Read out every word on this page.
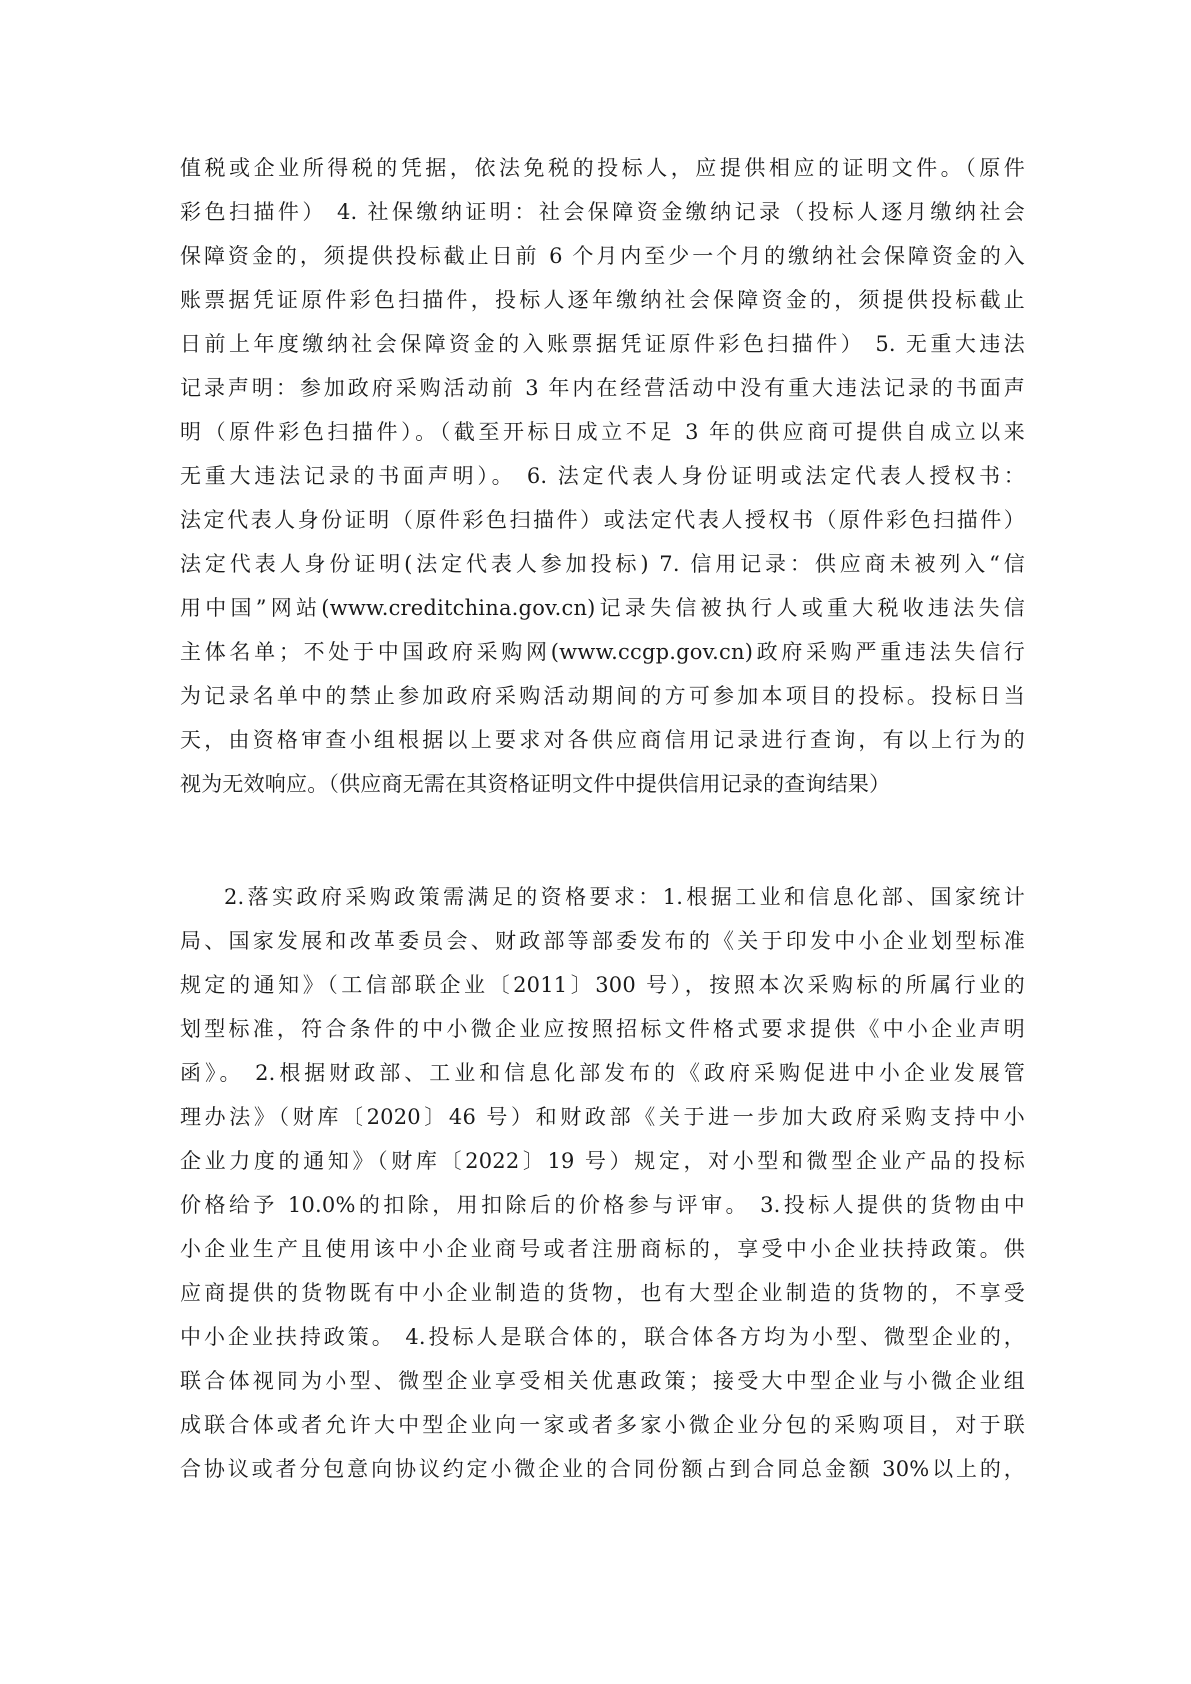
值税或企业所得税的凭据，依法免税的投标人，应提供相应的证明文件。（原件
彩色扫描件） 4. 社保缴纳证明：社会保障资金缴纳记录（投标人逐月缴纳社会
保障资金的，须提供投标截止日前 6 个月内至少一个月的缴纳社会保障资金的入
账票据凭证原件彩色扫描件，投标人逐年缴纳社会保障资金的，须提供投标截止
日前上年度缴纳社会保障资金的入账票据凭证原件彩色扫描件） 5. 无重大违法
记录声明：参加政府采购活动前 3 年内在经营活动中没有重大违法记录的书面声
明（原件彩色扫描件）。（截至开标日成立不足 3 年的供应商可提供自成立以来
无重大违法记录的书面声明）。 6. 法定代表人身份证明或法定代表人授权书：
法定代表人身份证明（原件彩色扫描件）或法定代表人授权书（原件彩色扫描件）
法定代表人身份证明(法定代表人参加投标) 7. 信用记录：供应商未被列入“信
用中国”网站(www.creditchina.gov.cn)记录失信被执行人或重大税收违法失信
主体名单；不处于中国政府采购网(www.ccgp.gov.cn)政府采购严重违法失信行
为记录名单中的禁止参加政府采购活动期间的方可参加本项目的投标。投标日当
天，由资格审查小组根据以上要求对各供应商信用记录进行查询，有以上行为的
视为无效响应。（供应商无需在其资格证明文件中提供信用记录的查询结果）
2.落实政府采购政策需满足的资格要求：1.根据工业和信息化部、国家统计
局、国家发展和改革委员会、财政部等部委发布的《关于印发中小企业划型标准
规定的通知》（工信部联企业〔2011〕300 号），按照本次采购标的所属行业的
划型标准，符合条件的中小微企业应按照招标文件格式要求提供《中小企业声明
函》。 2.根据财政部、工业和信息化部发布的《政府采购促进中小企业发展管
理办法》（财库〔2020〕46 号）和财政部《关于进一步加大政府采购支持中小
企业力度的通知》（财库〔2022〕19 号）规定，对小型和微型企业产品的投标
价格给予 10.0%的扣除，用扣除后的价格参与评审。 3.投标人提供的货物由中
小企业生产且使用该中小企业商号或者注册商标的，享受中小企业扶持政策。供
应商提供的货物既有中小企业制造的货物，也有大型企业制造的货物的，不享受
中小企业扶持政策。 4.投标人是联合体的，联合体各方均为小型、微型企业的，
联合体视同为小型、微型企业享受相关优惠政策；接受大中型企业与小微企业组
成联合体或者允许大中型企业向一家或者多家小微企业分包的采购项目，对于联
合协议或者分包意向协议约定小微企业的合同份额占到合同总金额 30%以上的，
